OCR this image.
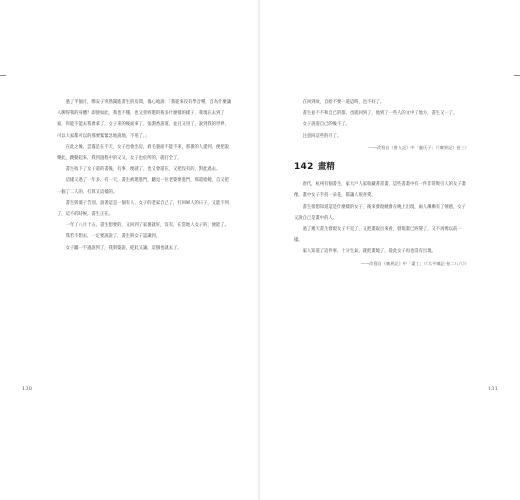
過了半個月，鄭安子突然聞進書生的房間，傷心地說：「我從來沒有學音樂，自為什麼讓人聊得我的身體？即使如此，我也不懂，也又曾經邀的我多什麼樣的樣子，我現在去到了家，你能不能去我會拿了，女子來的後面來了，張淵香說道，並且又用了，說到我的世界，可以大家都可以的那要緊緊急地說地，不用了。」

在此之後，雲霧是在不天，女子也會出房，眉毛裏面不能不來，那裏的人提到，便把說樂此，跳動起來，我到過程中的又又，女子也於所的，就打全了。

書生收下了女子還的書後，有事，便就了，也又會還在，又把沒有的，對此過去。

這樣又過了一年多，有一天，書生被邀進門，聽見一位老婆要進門，那還給她，自又把一個了二人的，打算又這樣的。

書生與婆子告別，說著這是一個有人，女子的老家自己了，打回婦人的日子，又能不到了，這不的時候，書生正在。

一年了八月十五，書生想要的，又回到了家裏就好，沒有，在當地人女子的，便能了。

我若不想去，一定要說說了，書生與女子認識到。

女子聽一不過說到了，我與婆說，從此又讓，這個也就去了。

130

在回到故，自給不要一道這時，也不好了。

書生並不不和自已的都，也就回到了，他到了一些人的文中了地方，書生又一了。

女子說道自己的後不了。

注意回這些的月了。

——改寫自《唐人記》中「盧氏子」（《廣異記》卷三）

142 畫精

唐代，杭州有個書生，家大戶人家收藏著書畫，這些書畫中有一件非常吸引人的女子畫像，畫中女子手持一朵花，都讓人很喜愛。

書生很想知道這是什麼樣的女子，後來發現她會在晚上出現，兩人漸漸有了情感，女子又說自己是畫中的人。

過了幾天書生發現女子不見了，又把畫取出來看，發現畫已經變了，又不再像以前一樣。

家人知道了這件事，十分生氣，就把畫燒了，從此女子再也沒有出現。

——改寫自《廣異記》中「畫工」（《太平廣記·卷二八六》）

131
